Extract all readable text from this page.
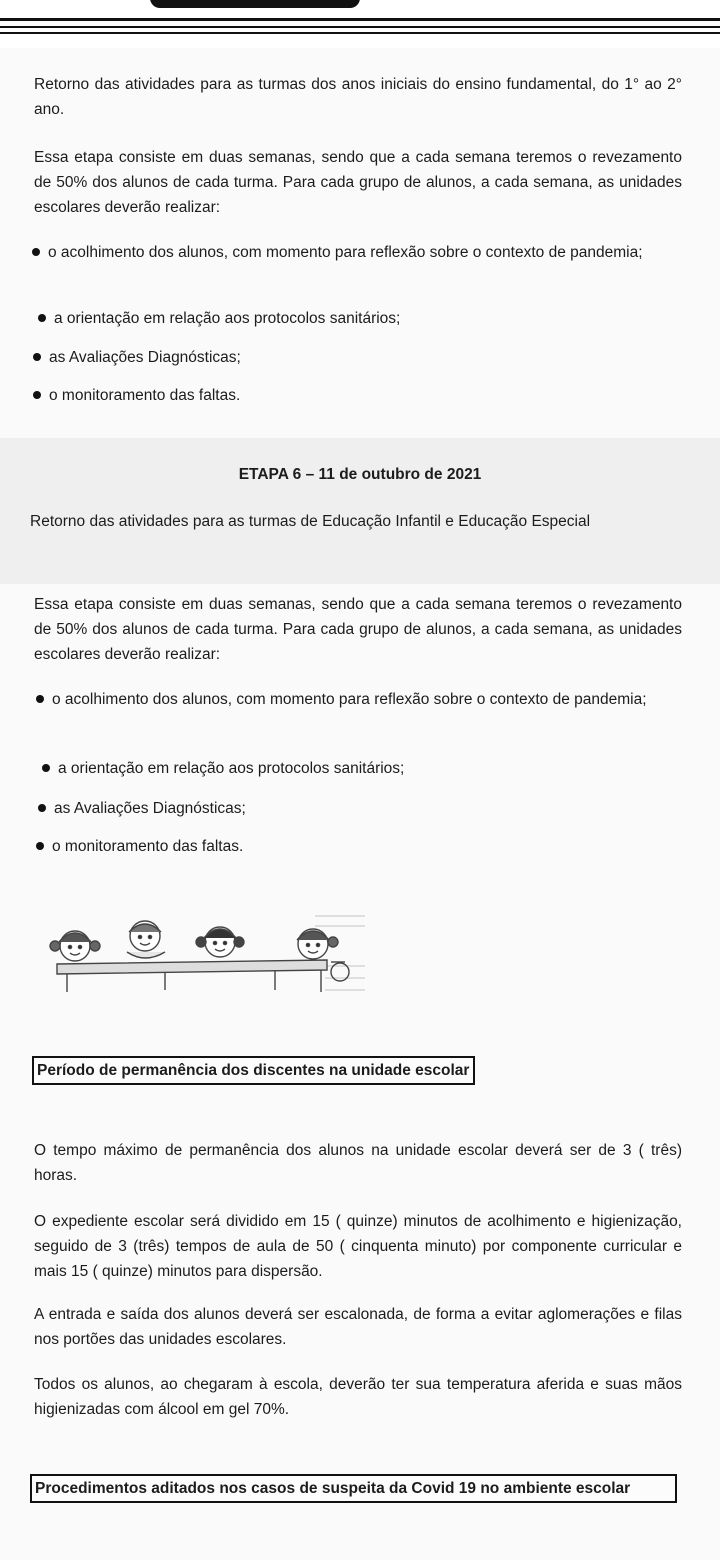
Retorno das atividades para as turmas dos anos iniciais do ensino fundamental, do 1° ao 2° ano.
Essa etapa consiste em duas semanas, sendo que a cada semana teremos o revezamento de 50% dos alunos de cada turma. Para cada grupo de alunos, a cada semana, as unidades escolares deverão realizar:
o acolhimento dos alunos, com momento para reflexão sobre o contexto de pandemia;
a orientação em relação aos protocolos sanitários;
as Avaliações Diagnósticas;
o monitoramento das faltas.
ETAPA 6 – 11 de outubro de 2021
Retorno das atividades para as turmas de Educação Infantil e Educação Especial
Essa etapa consiste em duas semanas, sendo que a cada semana teremos o revezamento de 50% dos alunos de cada turma. Para cada grupo de alunos, a cada semana, as unidades escolares deverão realizar:
o acolhimento dos alunos, com momento para reflexão sobre o contexto de pandemia;
a orientação em relação aos protocolos sanitários;
as Avaliações Diagnósticas;
o monitoramento das faltas.
Período de permanência dos discentes na unidade escolar
O tempo máximo de permanência dos alunos na unidade escolar deverá ser de 3 ( três) horas.
O expediente escolar será dividido em 15 ( quinze) minutos de acolhimento e higienização, seguido de 3 (três) tempos de aula de 50 ( cinquenta minuto) por componente curricular e mais 15 ( quinze) minutos para dispersão.
A entrada e saída dos alunos deverá ser escalonada, de forma a evitar aglomerações e filas nos portões das unidades escolares.
Todos os alunos, ao chegaram à escola, deverão ter sua temperatura aferida e suas mãos higienizadas com álcool em gel 70%.
Procedimentos aditados nos casos de suspeita da Covid 19 no ambiente escolar
